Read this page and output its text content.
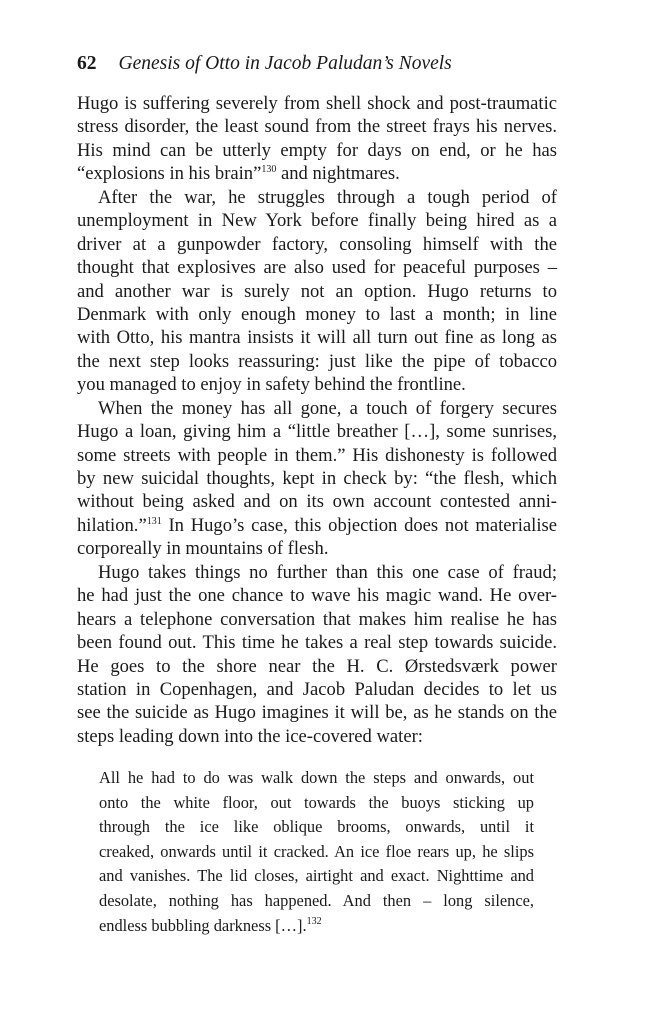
62 Genesis of Otto in Jacob Paludan’s Novels
Hugo is suffering severely from shell shock and post-traumatic
stress disorder, the least sound from the street frays his nerves.
His mind can be utterly empty for days on end, or he has
“explosions in his brain”$^{130}$ and nightmares.
After the war, he struggles through a tough period of
unemployment in New York before finally being hired as a
driver at a gunpowder factory, consoling himself with the
thought that explosives are also used for peaceful purposes –
and another war is surely not an option. Hugo returns to
Denmark with only enough money to last a month; in line
with Otto, his mantra insists it will all turn out fine as long as
the next step looks reassuring: just like the pipe of tobacco
you managed to enjoy in safety behind the frontline.
When the money has all gone, a touch of forgery secures
Hugo a loan, giving him a “little breather […], some sunrises,
some streets with people in them.” His dishonesty is followed
by new suicidal thoughts, kept in check by: “the flesh, which
without being asked and on its own account contested anni-
hilation.”$^{131}$ In Hugo’s case, this objection does not materialise
corporeally in mountains of flesh.
Hugo takes things no further than this one case of fraud;
he had just the one chance to wave his magic wand. He over-
hears a telephone conversation that makes him realise he has
been found out. This time he takes a real step towards suicide.
He goes to the shore near the H. C. Ørstedsværk power
station in Copenhagen, and Jacob Paludan decides to let us
see the suicide as Hugo imagines it will be, as he stands on the
steps leading down into the ice-covered water:
All he had to do was walk down the steps and onwards, out
onto the white floor, out towards the buoys sticking up
through the ice like oblique brooms, onwards, until it
creaked, onwards until it cracked. An ice floe rears up, he slips
and vanishes. The lid closes, airtight and exact. Nighttime and
desolate, nothing has happened. And then – long silence,
endless bubbling darkness […].$^{132}$
